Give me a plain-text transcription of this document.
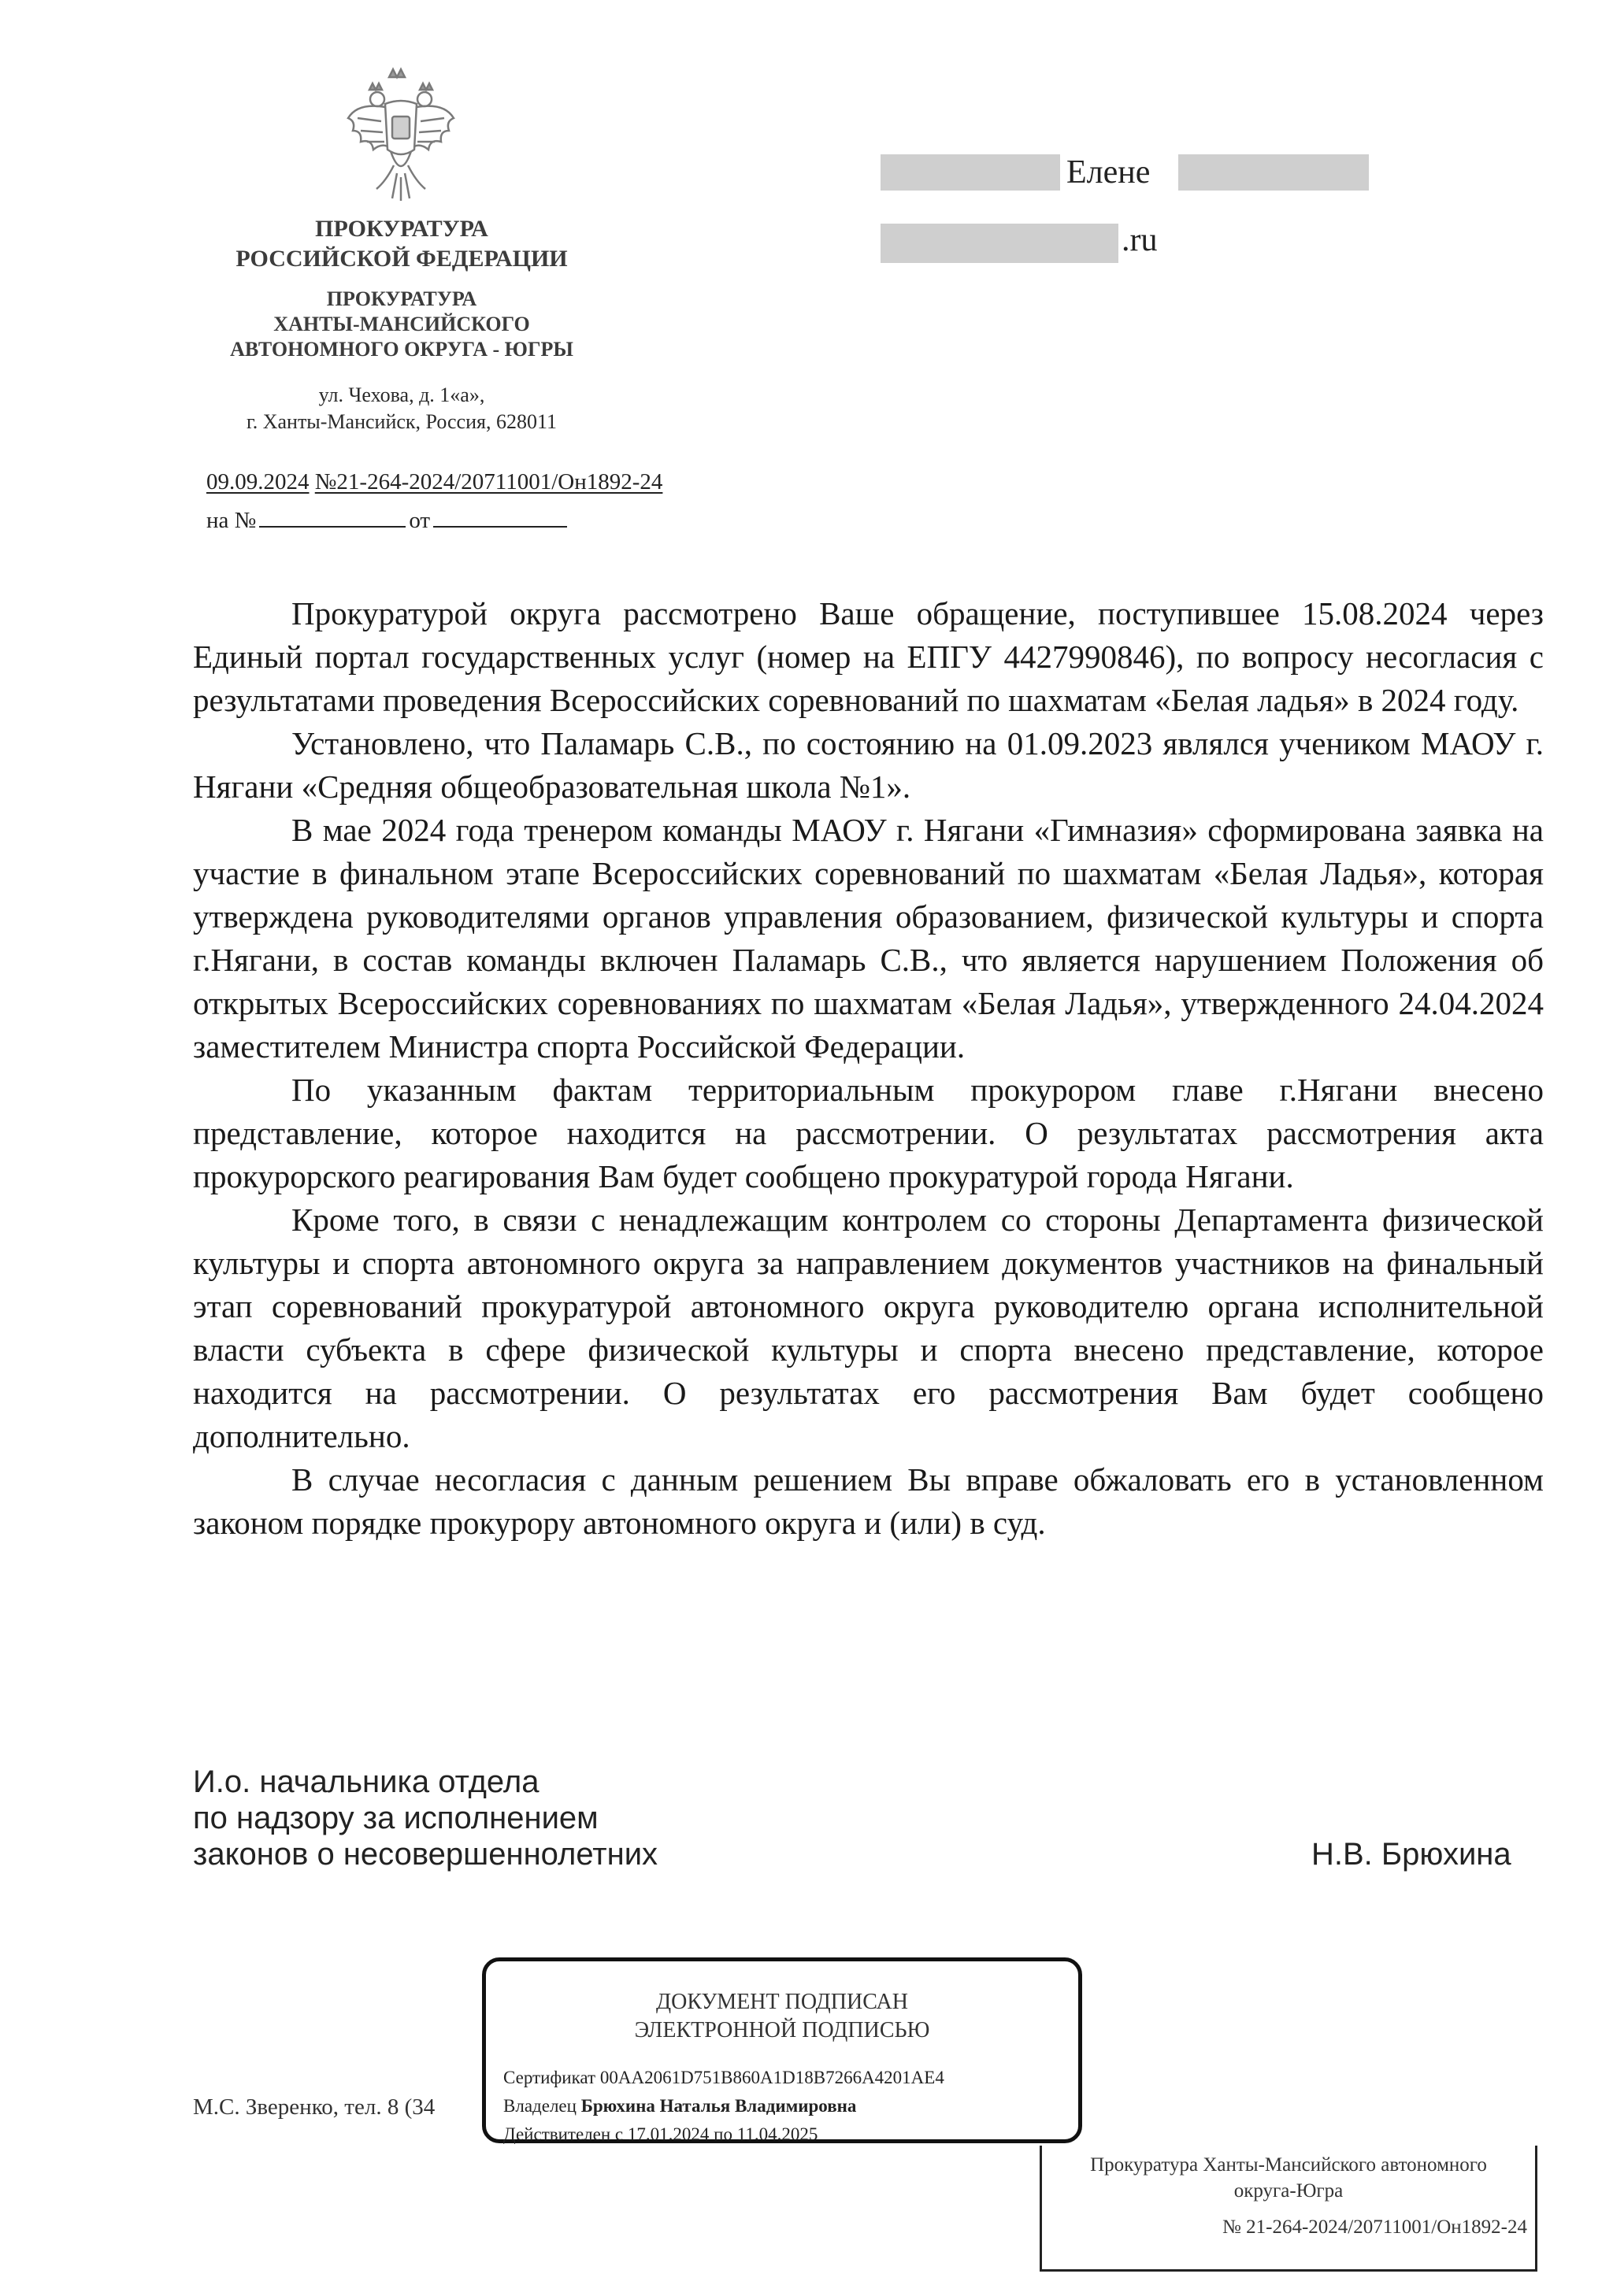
ПРОКУРАТУРА
РОССИЙСКОЙ ФЕДЕРАЦИИ
ПРОКУРАТУРА
ХАНТЫ-МАНСИЙСКОГО
АВТОНОМНОГО ОКРУГА - ЮГРЫ
ул. Чехова, д. 1«а»,
г. Ханты-Мансийск, Россия, 628011
09.09.2024 №21-264-2024/20711001/Он1892-24
на №	от
Елене
.ru

Прокуратурой округа рассмотрено Ваше обращение, поступившее 15.08.2024 через Единый портал государственных услуг (номер на ЕПГУ 4427990846), по вопросу несогласия с результатами проведения Всероссийских соревнований по шахматам «Белая ладья» в 2024 году.

Установлено, что Паламарь С.В., по состоянию на 01.09.2023 являлся учеником МАОУ г. Нягани «Средняя общеобразовательная школа №1».

В мае 2024 года тренером команды МАОУ г. Нягани «Гимназия» сформирована заявка на участие в финальном этапе Всероссийских соревнований по шахматам «Белая Ладья», которая утверждена руководителями органов управления образованием, физической культуры и спорта г.Нягани, в состав команды включен Паламарь С.В., что является нарушением Положения об открытых Всероссийских соревнованиях по шахматам «Белая Ладья», утвержденного 24.04.2024 заместителем Министра спорта Российской Федерации.

По указанным фактам территориальным прокурором главе г.Нягани внесено представление, которое находится на рассмотрении. О результатах рассмотрения акта прокурорского реагирования Вам будет сообщено прокуратурой города Нягани.

Кроме того, в связи с ненадлежащим контролем со стороны Департамента физической культуры и спорта автономного округа за направлением документов участников на финальный этап соревнований прокуратурой автономного округа руководителю органа исполнительной власти субъекта в сфере физической культуры и спорта внесено представление, которое находится на рассмотрении. О результатах его рассмотрения Вам будет сообщено дополнительно.

В случае несогласия с данным решением Вы вправе обжаловать его в установленном законом порядке прокурору автономного округа и (или) в суд.

И.о. начальника отдела
по надзору за исполнением
законов о несовершеннолетних	Н.В. Брюхина
М.С. Зверенко, тел. 8 (34
Прокуратура Ханты-Мансийского автономного
округа-Югра
№ 21-264-2024/20711001/Он1892-24
ДОКУМЕНТ ПОДПИСАН
ЭЛЕКТРОННОЙ ПОДПИСЬЮ
Сертификат 00AA2061D751B860A1D18B7266A4201AE4
Владелец Брюхина Наталья Владимировна
Действителен с 17.01.2024 по 11.04.2025
